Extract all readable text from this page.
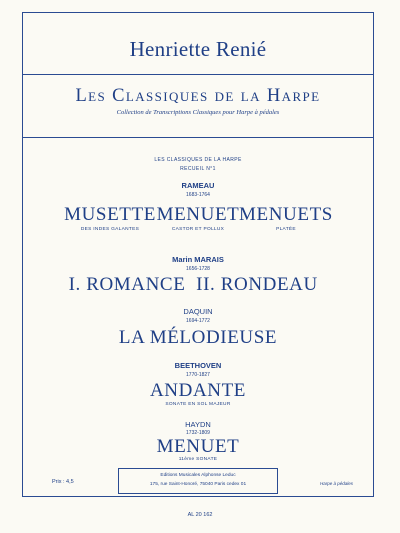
Henriette Renié
Les Classiques de la Harpe
Collection de Transcriptions Classiques pour Harpe à pédales
LES CLASSIQUES DE LA HARPE
RECUEIL N°1
RAMEAU
1683-1764
MUSETTE
DES INDES GALANTES
MENUET
CASTOR ET POLLUX
MENUETS
PLATÉE
Marin MARAIS
1656-1728
I. ROMANCE II. RONDEAU
DAQUIN
1694-1772
LA MÉLODIEUSE
BEETHOVEN
1770-1827
ANDANTE
SONATE EN SOL MAJEUR
HAYDN
1732-1809
MENUET
11ème SONATE
Prix : 4,5
Editions Musicales Alphonse Leduc
175, rue Saint-Honoré, 75040 Paris cedex 01	Harpe à pédales
AL 20 162
